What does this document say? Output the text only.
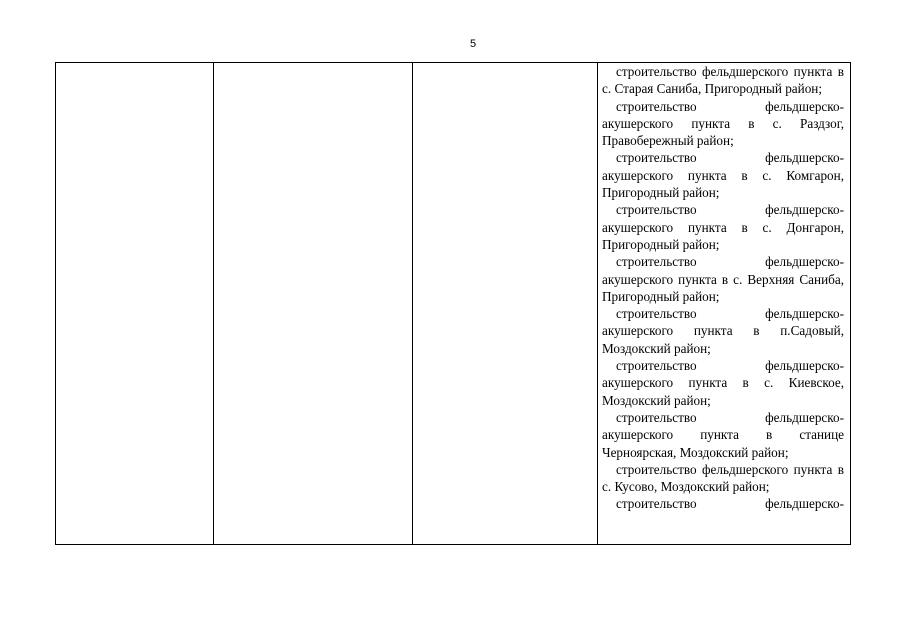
5

строительство фельдшерского пункта в с. Старая Саниба, Пригородный район;
строительство фельдшерско-акушерского пункта в с. Раздзог, Правобережный район;
строительство фельдшерско-акушерского пункта в с. Комгарон, Пригородный район;
строительство фельдшерско-акушерского пункта в с. Донгарон, Пригородный район;
строительство фельдшерско-акушерского пункта в с. Верхняя Саниба, Пригородный район;
строительство фельдшерско-акушерского пункта в п.Садовый, Моздокский район;
строительство фельдшерско-акушерского пункта в с. Киевское, Моздокский район;
строительство фельдшерско-акушерского пункта в станице Черноярская, Моздокский район;
строительство фельдшерского пункта в с. Кусово, Моздокский район;
строительство фельдшерско-
